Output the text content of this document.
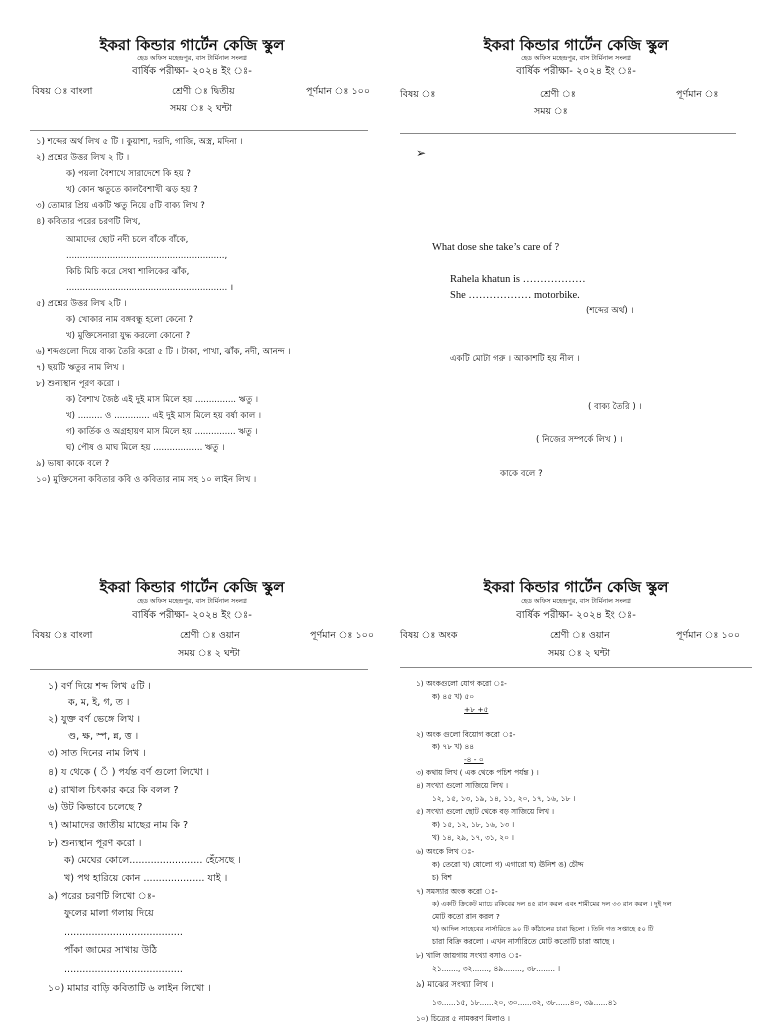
ইকরা কিন্ডার গার্টেন কেজি স্কুল
হেড অফিস মহেন্দ্রপুর, বাস টার্মিনাল সংলগ্ন
বার্ষিক পরীক্ষা- ২০২৪ ইং ঃ-
বিষয় ঃ বাংলা	শ্রেণী ঃ দ্বিতীয়	পূর্ণমান ঃ ১০০
সময় ঃ ২ ঘন্টা
১) শব্দের অর্থ লিখ ৫ টি । কুয়াশা, দরদি, গাজি, অস্ত্র, মদিনা ।
২) প্রশ্নের উত্তর লিখ ২ টি ।
ক) পয়লা বৈশাখে সারাদেশে কি হয় ?
খ) কোন ঋতুতে কালবৈশাখী ঝড় হয় ?
৩) তোমার প্রিয় একটি ঋতু নিয়ে ৫টি বাক্য লিখ ?
৪) কবিতার পরের চরণটি লিখ,
আমাদের ছোট নদী চলে বাঁকে বাঁকে,
..........................................................,
কিচি মিচি করে সেথা শালিকের ঝাঁক,
........................................................... ।
৫) প্রশ্নের উত্তর লিখ ২টি ।
ক) খোকার নাম বঙ্গবন্ধু হলো কেনো ?
খ) মুক্তিসেনারা যুদ্ধ করলো কোনো ?
৬) শব্দগুলো দিয়ে বাক্য তৈরি করো ৫ টি । টাকা, পাখা, ঝাঁক, নদী, আনন্দ ।
৭) ছয়টি ঋতুর নাম লিখ ।
৮) শুন্যস্থান পূরণ করো ।
ক) বৈশাখ জৈষ্ঠ এই দুই মাস মিলে হয় ............... ঋতু ।
খ) ......... ও ............. এই দুই মাস মিলে হয় বর্ষা কাল ।
গ) কার্তিক ও অগ্রহায়ণ মাস মিলে হয় ............... ঋতু ।
ঘ) পৌষ ও মাঘ মিলে হয় .................. ঋতু ।
৯) ভাষা কাকে বলে ?
১০) মুক্তিসেনা কবিতার কবি ও কবিতার নাম সহ ১০ লাইন লিখ ।
ইকরা কিন্ডার গার্টেন কেজি স্কুল
হেড অফিস মহেন্দ্রপুর, বাস টার্মিনাল সংলগ্ন
বার্ষিক পরীক্ষা- ২০২৪ ইং ঃ-
বিষয় ঃ	শ্রেণী ঃ	পূর্ণমান ঃ
সময় ঃ
➢
What dose she take’s care of ?
Rahela khatun is ………………
She ……………… motorbike.
(শব্দের অর্থ) ।
একটি মোটা গরু । আকাশটি হয় নীল ।
( বাক্য তৈরি ) ।
( নিজের সম্পর্কে লিখ ) ।
কাকে বলে ?
ইকরা কিন্ডার গার্টেন কেজি স্কুল
হেড অফিস মহেন্দ্রপুর, বাস টার্মিনাল সংলগ্ন
বার্ষিক পরীক্ষা- ২০২৪ ইং ঃ-
বিষয় ঃ বাংলা	শ্রেণী ঃ ওয়ান	পূর্ণমান ঃ ১০০
সময় ঃ ২ ঘন্টা
১) বর্ণ দিয়ে শব্দ লিখ ৫টি ।
ক, ম, ই, গ, ত ।
২) যুক্ত বর্ণ ভেঙ্গে লিখ ।
ণ্ড, ক্ষ, স্প, ন্ন, ত্ত ।
৩) সাত দিনের নাম লিখ ।
৪) য থেকে ( ঁ ) পর্যন্ত বর্ণ গুলো লিখো ।
৫) রাখাল চিৎকার করে কি বলল ?
৬) উট কিভাবে চলেছে ?
৭) আমাদের জাতীয় মাছের নাম কি ?
৮) শুন্যস্থান পূরণ করো ।
ক) মেঘের কোলে........................ হেঁসেছে ।
খ) পথ হারিয়ে কোন .................... যাই ।
৯) পরের চরণটি লিখো ঃ-
ফুলের মালা গলায় দিয়ে
.......................................
পাঁকা জামের সাখায় উঠি
.......................................
১০) মামার বাড়ি কবিতাটি ৬ লাইন লিখো ।
ইকরা কিন্ডার গার্টেন কেজি স্কুল
হেড অফিস মহেন্দ্রপুর, বাস টার্মিনাল সংলগ্ন
বার্ষিক পরীক্ষা- ২০২৪ ইং ঃ-
বিষয় ঃ অংক	শ্রেণী ঃ ওয়ান	পূর্ণমান ঃ ১০০
সময় ঃ ২ ঘন্টা
১) অংকগুলো যোগ করো ঃ-
ক) ৪৫ খ) ৫০
+৮ +৫
২) অংক গুলো বিয়োগ করো ঃ-
ক) ৭৮ খ) ৪৪
-৪ - ০
৩) কথায় লিখ ( এক থেকে পচিশ পর্যন্ত ) ।
৪) সংখ্যা গুলো সাজিয়ে লিখ ।
১২, ১৫, ১৩, ১৯, ১৪, ১১, ২০, ১৭, ১৬, ১৮ ।
৫) সংখ্যা গুলো ছোট থেকে বড় সাজিয়ে লিখ ।
ক) ১৫, ১২, ১৮, ১৬, ১৩ ।
খ) ১৪, ২৯, ১৭, ৩১, ২০ ।
৬) অংকে লিখ ঃ-
ক) তেরো খ) ষোলো গ) এগারো ঘ) ঊনিশ ঙ) চৌদ্দ
চ) বিশ
৭) সমস্যার অংক করো ঃ-
ক) একটি ক্রিকেট ম্যাচে রকিবের দল ৪৫ রান করল এবং শামীমের দল ৩৩ রান করল । দুই দল
মোট কতো রান করল ?
খ) আদিল সাহেবের নার্সারিতে ৯০ টি কাঁঠালের চারা ছিলো । তিনি গত সপ্তাহে ৫০ টি
চারা বিক্রি করলো । এখন নার্সারিতে মোট কতোটি চারা আছে ।
৮) খালি জায়গায় সংখ্যা বসাও ঃ-
২১......., ৩২......., ৪৯........, ৩৮........ ।
৯) মাঝের সংখ্যা লিখ ।
১৩......১৫, ১৮......২০, ৩০......৩২, ৩৮......৪০, ৩৯......৪১
১০) চিত্রের ৫ নামকরণ মিলাও ।
